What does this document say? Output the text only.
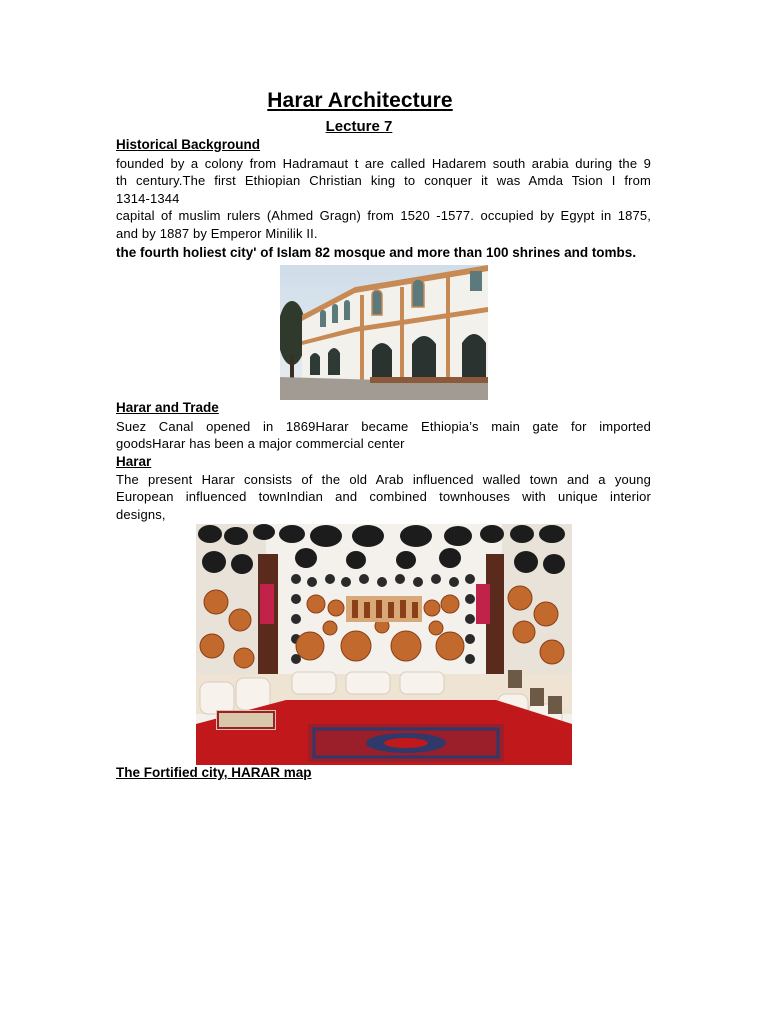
Harar Architecture
Lecture 7
Historical Background
founded by a colony from Hadramaut t are called Hadarem south arabia during the 9
th century.The first Ethiopian Christian king to conquer it was Amda Tsion I from
1314-1344
capital of muslim rulers (Ahmed Gragn) from 1520 -1577. occupied by Egypt in 1875,
and by 1887 by Emperor Minilik II.
the fourth holiest city' of Islam 82 mosque and more than 100 shrines and tombs.
Harar and Trade
Suez Canal opened in 1869Harar became Ethiopia’s main gate for imported
goodsHarar has been a major commercial center
Harar
The present Harar consists of the old Arab influenced walled town and a young
European influenced townIndian and combined townhouses with unique interior
designs,
The Fortified city, HARAR map
